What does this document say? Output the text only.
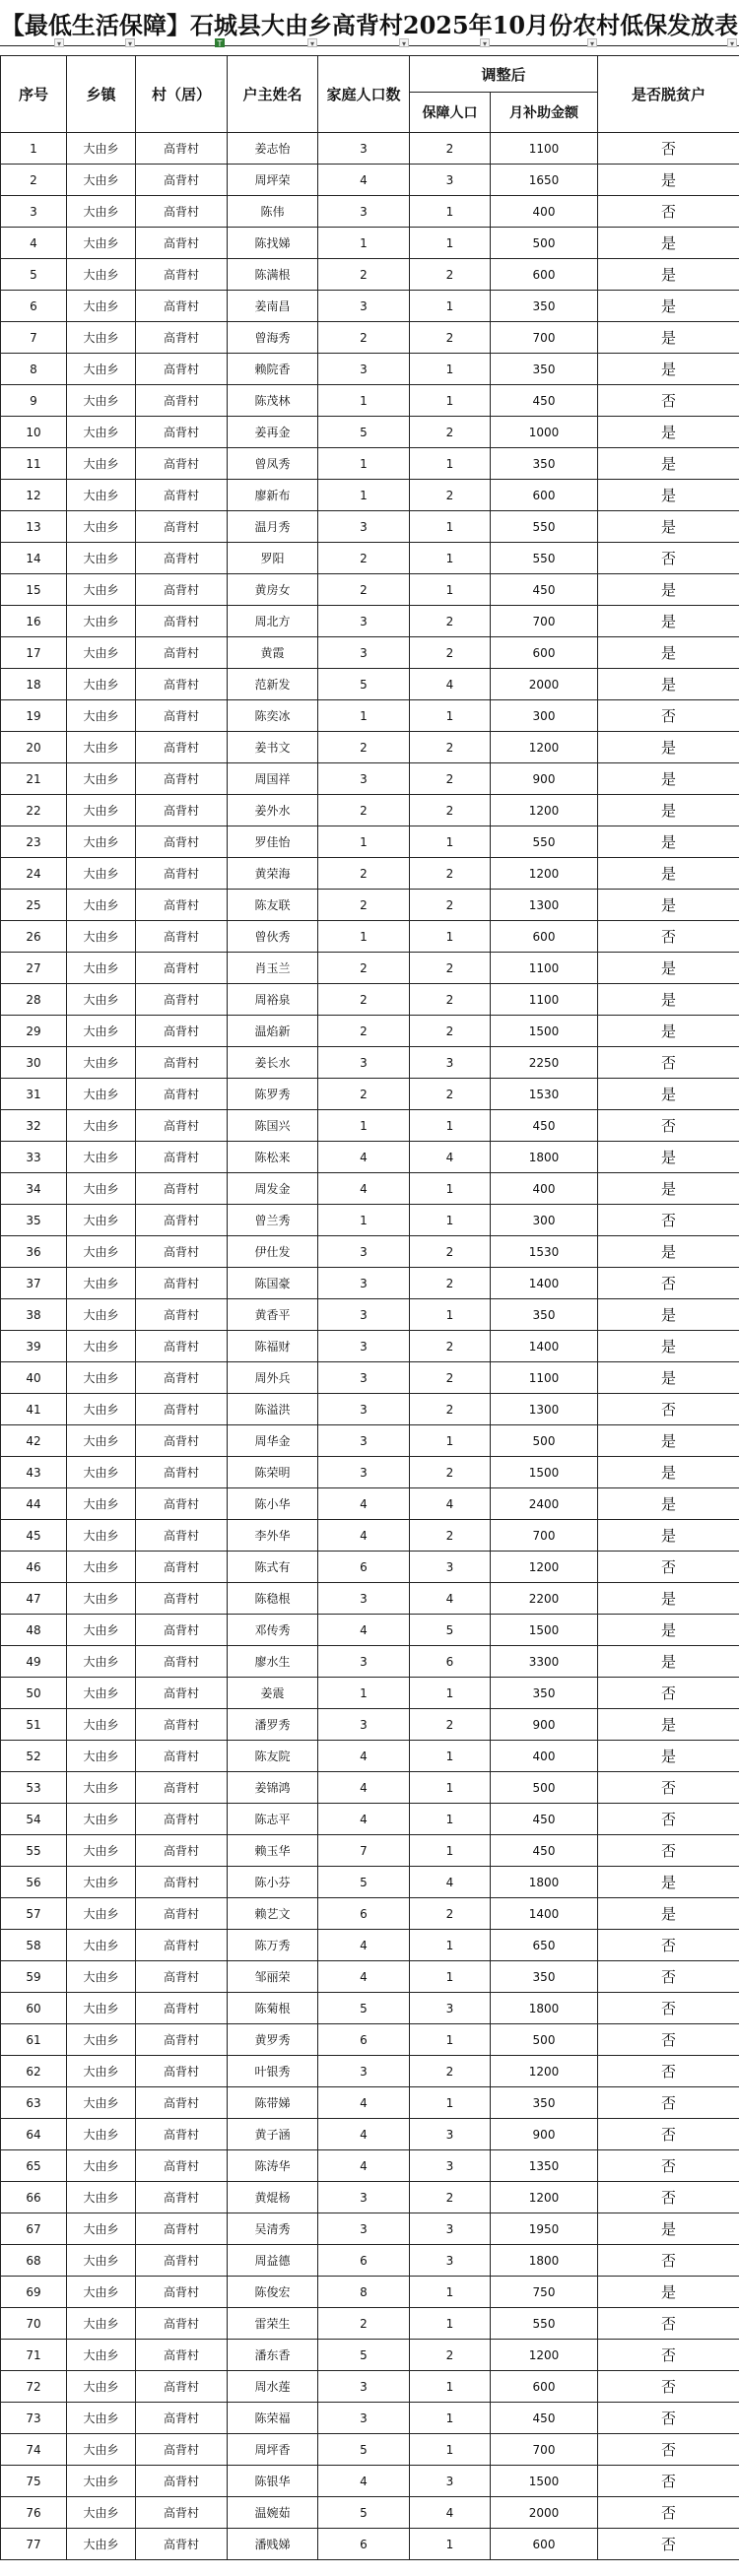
【最低生活保障】石城县大由乡高背村2025年10月份农村低保发放表
▾	▾	T	▾	▾	▾	▾	▾
序号	乡镇	村（居）	户主姓名	家庭人口数	调整后		是否脱贫户
					保障人口	月补助金额	
1	大由乡	高背村	姜志怡	3	2	1100	否
2	大由乡	高背村	周坪荣	4	3	1650	是
3	大由乡	高背村	陈伟	3	1	400	否
4	大由乡	高背村	陈找娣	1	1	500	是
5	大由乡	高背村	陈满根	2	2	600	是
6	大由乡	高背村	姜南昌	3	1	350	是
7	大由乡	高背村	曾海秀	2	2	700	是
8	大由乡	高背村	赖院香	3	1	350	是
9	大由乡	高背村	陈茂林	1	1	450	否
10	大由乡	高背村	姜再金	5	2	1000	是
11	大由乡	高背村	曾凤秀	1	1	350	是
12	大由乡	高背村	廖新布	1	2	600	是
13	大由乡	高背村	温月秀	3	1	550	是
14	大由乡	高背村	罗阳	2	1	550	否
15	大由乡	高背村	黄房女	2	1	450	是
16	大由乡	高背村	周北方	3	2	700	是
17	大由乡	高背村	黄霞	3	2	600	是
18	大由乡	高背村	范新发	5	4	2000	是
19	大由乡	高背村	陈奕冰	1	1	300	否
20	大由乡	高背村	姜书文	2	2	1200	是
21	大由乡	高背村	周国祥	3	2	900	是
22	大由乡	高背村	姜外水	2	2	1200	是
23	大由乡	高背村	罗佳怡	1	1	550	是
24	大由乡	高背村	黄荣海	2	2	1200	是
25	大由乡	高背村	陈友联	2	2	1300	是
26	大由乡	高背村	曾伙秀	1	1	600	否
27	大由乡	高背村	肖玉兰	2	2	1100	是
28	大由乡	高背村	周裕泉	2	2	1100	是
29	大由乡	高背村	温焰新	2	2	1500	是
30	大由乡	高背村	姜长水	3	3	2250	否
31	大由乡	高背村	陈罗秀	2	2	1530	是
32	大由乡	高背村	陈国兴	1	1	450	否
33	大由乡	高背村	陈松来	4	4	1800	是
34	大由乡	高背村	周发金	4	1	400	是
35	大由乡	高背村	曾兰秀	1	1	300	否
36	大由乡	高背村	伊仕发	3	2	1530	是
37	大由乡	高背村	陈国豪	3	2	1400	否
38	大由乡	高背村	黄香平	3	1	350	是
39	大由乡	高背村	陈福财	3	2	1400	是
40	大由乡	高背村	周外兵	3	2	1100	是
41	大由乡	高背村	陈溢洪	3	2	1300	否
42	大由乡	高背村	周华金	3	1	500	是
43	大由乡	高背村	陈荣明	3	2	1500	是
44	大由乡	高背村	陈小华	4	4	2400	是
45	大由乡	高背村	李外华	4	2	700	是
46	大由乡	高背村	陈式有	6	3	1200	否
47	大由乡	高背村	陈稳根	3	4	2200	是
48	大由乡	高背村	邓传秀	4	5	1500	是
49	大由乡	高背村	廖水生	3	6	3300	是
50	大由乡	高背村	姜震	1	1	350	否
51	大由乡	高背村	潘罗秀	3	2	900	是
52	大由乡	高背村	陈友院	4	1	400	是
53	大由乡	高背村	姜锦鸿	4	1	500	否
54	大由乡	高背村	陈志平	4	1	450	否
55	大由乡	高背村	赖玉华	7	1	450	否
56	大由乡	高背村	陈小芬	5	4	1800	是
57	大由乡	高背村	赖艺文	6	2	1400	是
58	大由乡	高背村	陈万秀	4	1	650	否
59	大由乡	高背村	邹丽荣	4	1	350	否
60	大由乡	高背村	陈菊根	5	3	1800	否
61	大由乡	高背村	黄罗秀	6	1	500	否
62	大由乡	高背村	叶银秀	3	2	1200	否
63	大由乡	高背村	陈带娣	4	1	350	否
64	大由乡	高背村	黄子涵	4	3	900	否
65	大由乡	高背村	陈涛华	4	3	1350	否
66	大由乡	高背村	黄焜杨	3	2	1200	否
67	大由乡	高背村	吴清秀	3	3	1950	是
68	大由乡	高背村	周益德	6	3	1800	否
69	大由乡	高背村	陈俊宏	8	1	750	是
70	大由乡	高背村	雷荣生	2	1	550	否
71	大由乡	高背村	潘东香	5	2	1200	否
72	大由乡	高背村	周水莲	3	1	600	否
73	大由乡	高背村	陈荣福	3	1	450	否
74	大由乡	高背村	周坪香	5	1	700	否
75	大由乡	高背村	陈银华	4	3	1500	否
76	大由乡	高背村	温婉茹	5	4	2000	否
77	大由乡	高背村	潘贱娣	6	1	600	否
